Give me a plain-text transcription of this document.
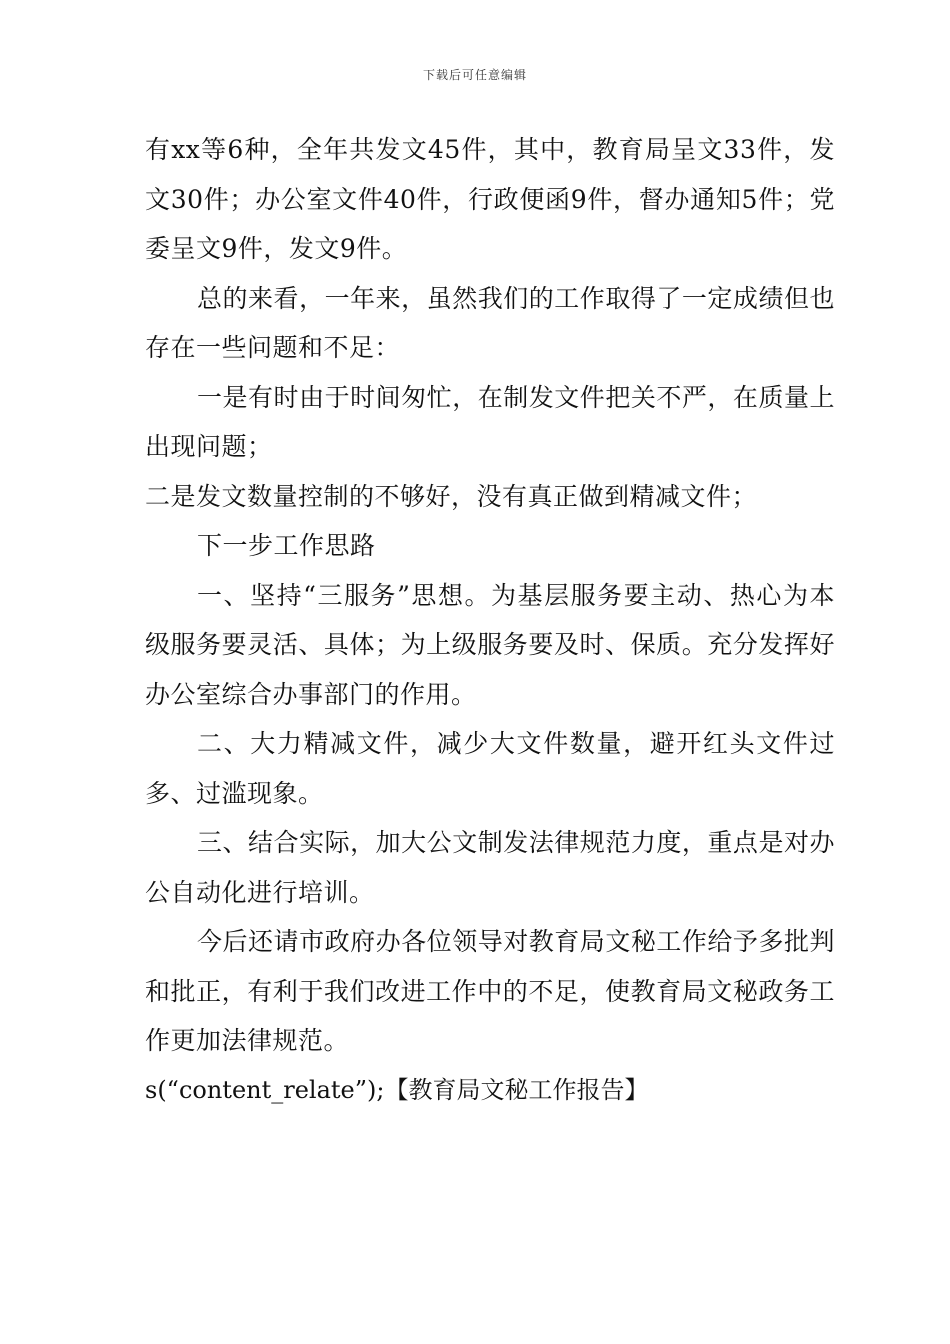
下载后可任意编辑

有xx等6种，全年共发文45件，其中，教育局呈文33件，发文30件；办公室文件40件，行政便函9件，督办通知5件；党委呈文9件，发文9件。

总的来看，一年来，虽然我们的工作取得了一定成绩但也存在一些问题和不足：

一是有时由于时间匆忙，在制发文件把关不严，在质量上出现问题；

二是发文数量控制的不够好，没有真正做到精减文件；

下一步工作思路

一、坚持“三服务”思想。为基层服务要主动、热心为本级服务要灵活、具体；为上级服务要及时、保质。充分发挥好办公室综合办事部门的作用。

二、大力精减文件，减少大文件数量，避开红头文件过多、过滥现象。

三、结合实际，加大公文制发法律规范力度，重点是对办公自动化进行培训。

今后还请市政府办各位领导对教育局文秘工作给予多批判和批正，有利于我们改进工作中的不足，使教育局文秘政务工作更加法律规范。

s(“content_relate”);【教育局文秘工作报告】
